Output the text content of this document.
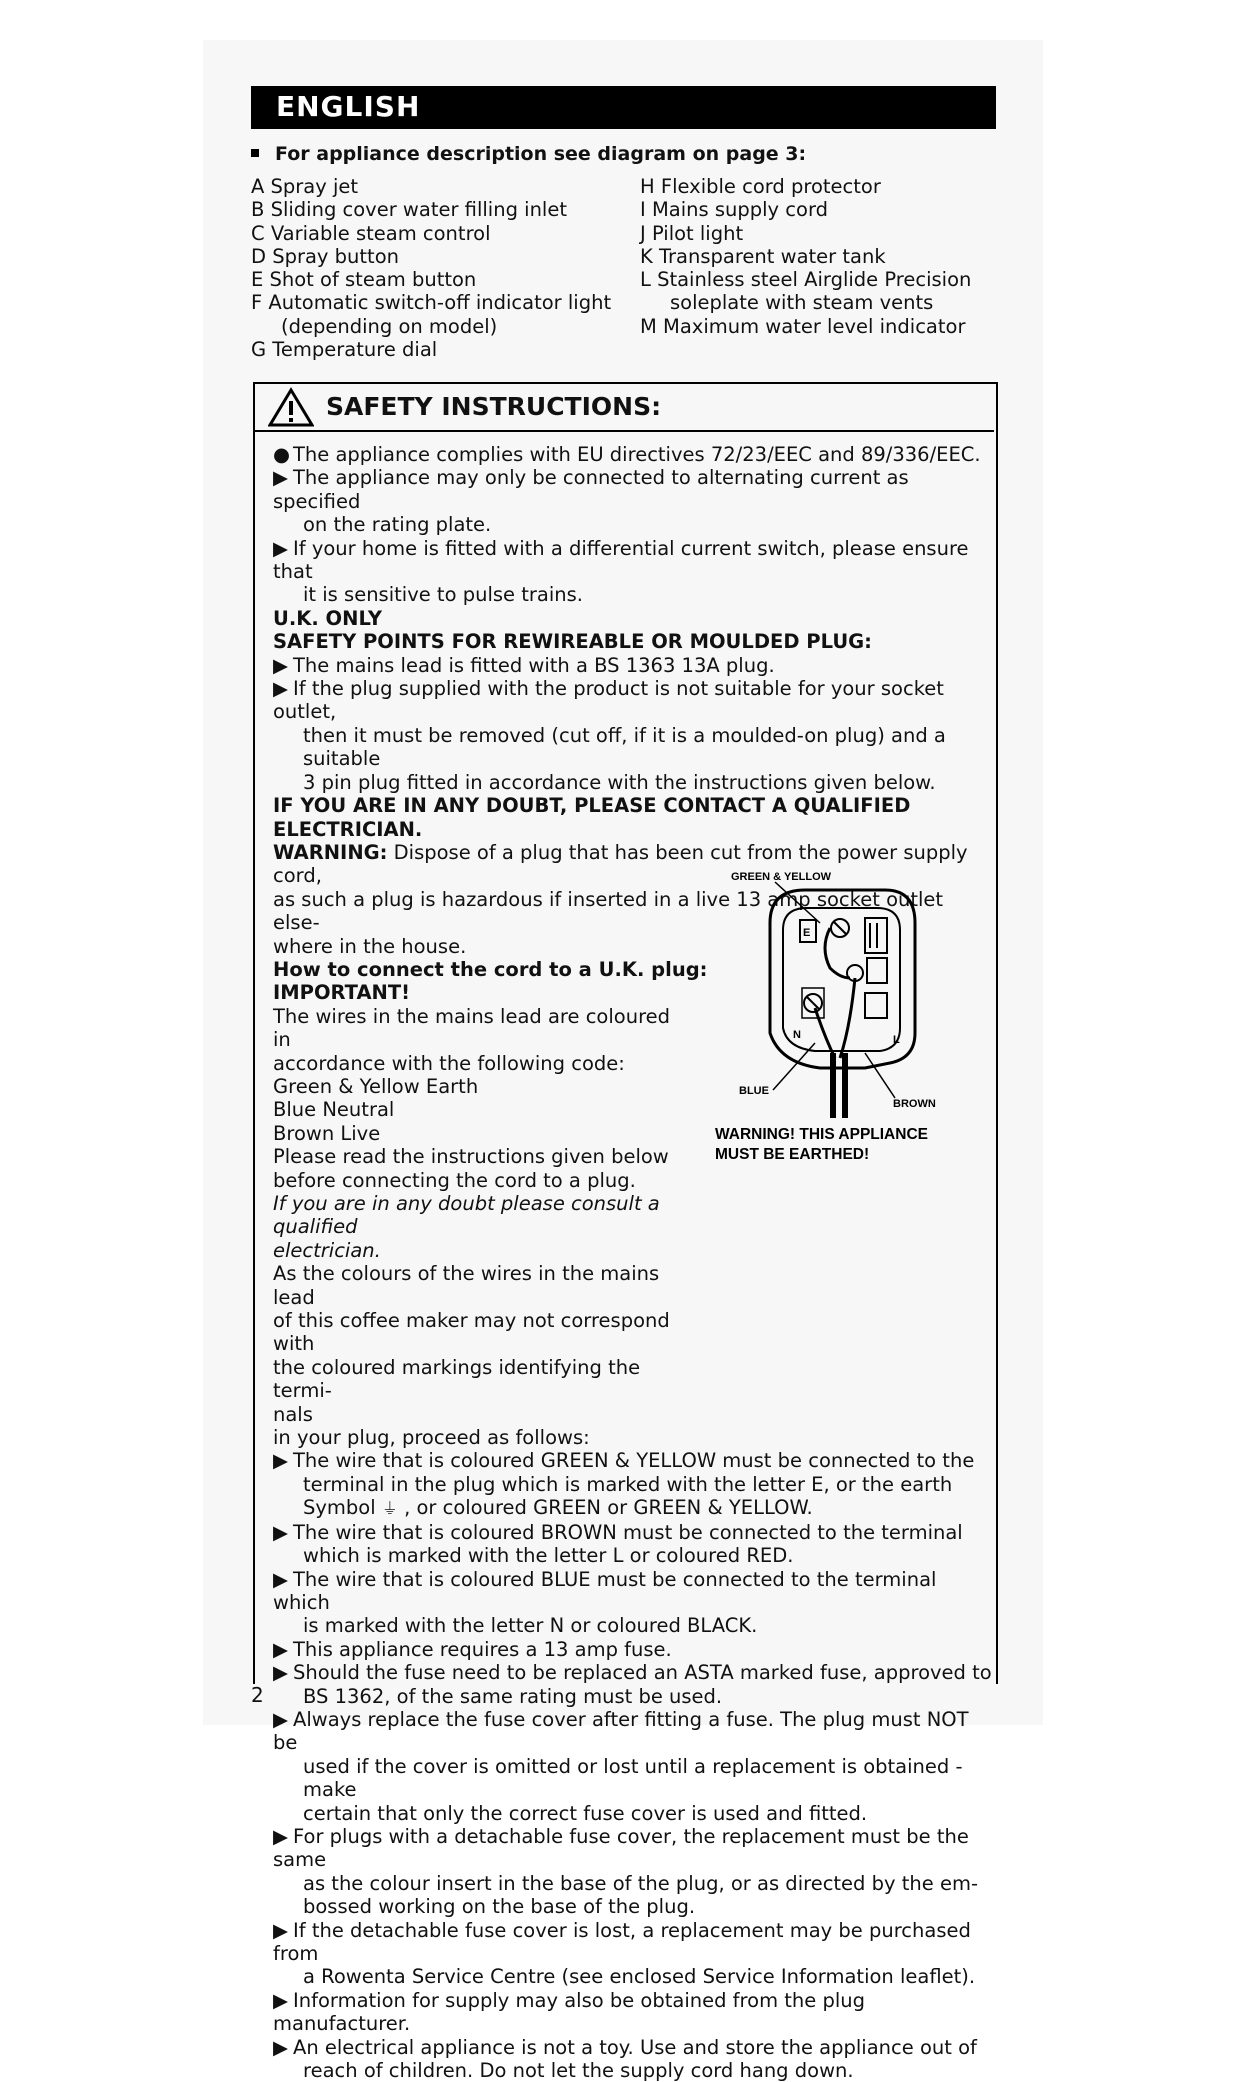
ENGLISH
For appliance description see diagram on page 3:
A Spray jet
B Sliding cover water filling inlet
C Variable steam control
D Spray button
E Shot of steam button
F Automatic switch-off indicator light
(depending on model)
G Temperature dial
H Flexible cord protector
I Mains supply cord
J Pilot light
K Transparent water tank
L Stainless steel Airglide Precision
soleplate with steam vents
M Maximum water level indicator
SAFETY INSTRUCTIONS:

● The appliance complies with EU directives 72/23/EEC and 89/336/EEC.

▶ The appliance may only be connected to alternating current as specified

on the rating plate.

▶ If your home is fitted with a differential current switch, please ensure that

it is sensitive to pulse trains.

U.K. ONLY

SAFETY POINTS FOR REWIREABLE OR MOULDED PLUG:

▶ The mains lead is fitted with a BS 1363 13A plug.

▶ If the plug supplied with the product is not suitable for your socket outlet,

then it must be removed (cut off, if it is a moulded-on plug) and a suitable

3 pin plug fitted in accordance with the instructions given below.

IF YOU ARE IN ANY DOUBT, PLEASE CONTACT A QUALIFIED

ELECTRICIAN.

WARNING: Dispose of a plug that has been cut from the power supply cord,

as such a plug is hazardous if inserted in a live 13 amp socket outlet else-

where in the house.

How to connect the cord to a U.K. plug:

IMPORTANT!

The wires in the mains lead are coloured in

accordance with the following code:

Green & Yellow Earth

Blue Neutral

Brown Live

Please read the instructions given below

before connecting the cord to a plug.

If you are in any doubt please consult a qualified

electrician.

As the colours of the wires in the mains lead

of this coffee maker may not correspond with

the coloured markings identifying the termi-

nals

in your plug, proceed as follows:

▶ The wire that is coloured GREEN & YELLOW must be connected to the

terminal in the plug which is marked with the letter E, or the earth

Symbol ⏚ , or coloured GREEN or GREEN & YELLOW.

▶ The wire that is coloured BROWN must be connected to the terminal

which is marked with the letter L or coloured RED.

▶ The wire that is coloured BLUE must be connected to the terminal which

is marked with the letter N or coloured BLACK.

▶ This appliance requires a 13 amp fuse.

▶ Should the fuse need to be replaced an ASTA marked fuse, approved to

BS 1362, of the same rating must be used.

▶ Always replace the fuse cover after fitting a fuse. The plug must NOT be

used if the cover is omitted or lost until a replacement is obtained - make

certain that only the correct fuse cover is used and fitted.

▶ For plugs with a detachable fuse cover, the replacement must be the same

as the colour insert in the base of the plug, or as directed by the em-

bossed working on the base of the plug.

▶ If the detachable fuse cover is lost, a replacement may be purchased from

a Rowenta Service Centre (see enclosed Service Information leaflet).

▶ Information for supply may also be obtained from the plug manufacturer.

▶ An electrical appliance is not a toy. Use and store the appliance out of

reach of children. Do not let the supply cord hang down.

GREEN & YELLOW
E
N	L
BLUE
BROWN
WARNING! THIS APPLIANCE
MUST BE EARTHED!
2
